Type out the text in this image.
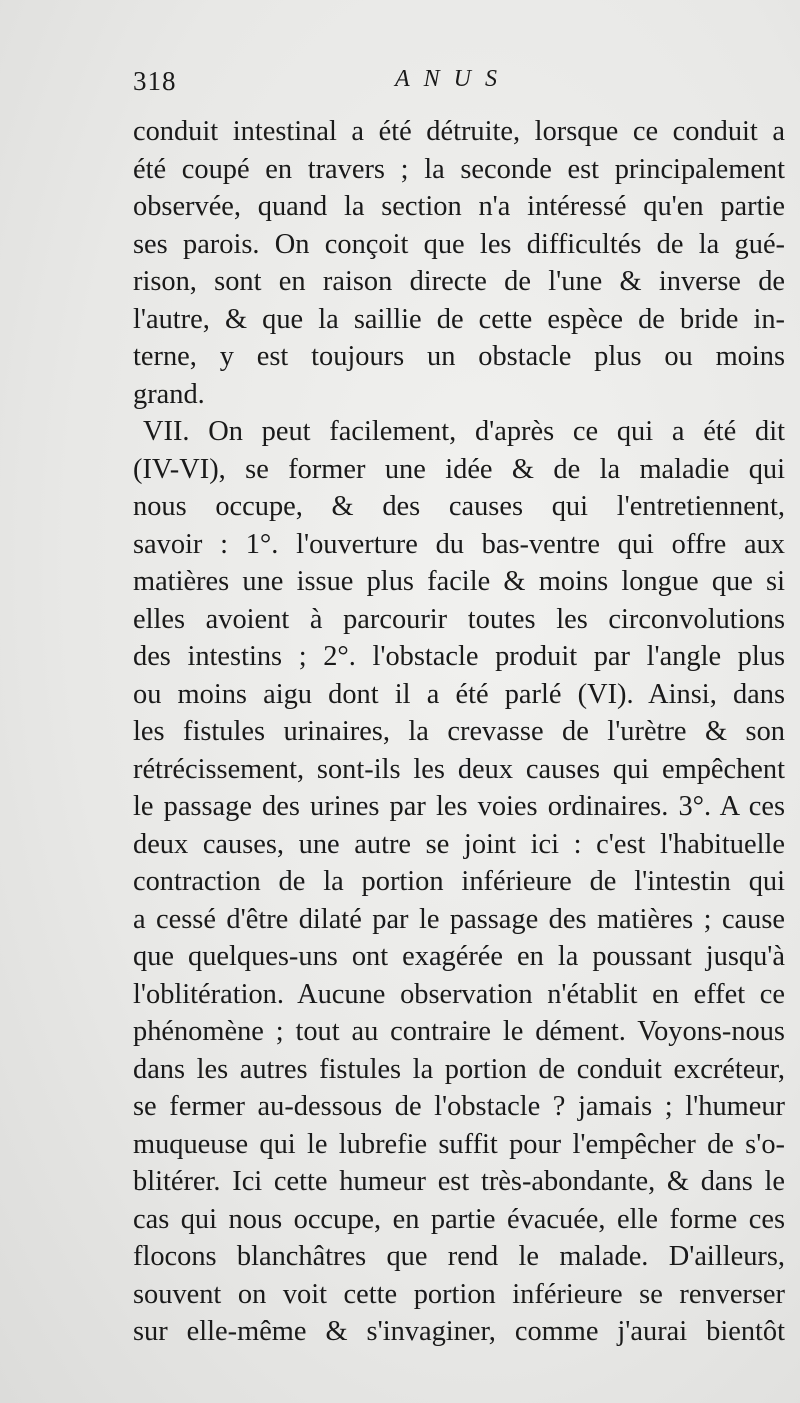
318	ANUS
conduit intestinal a été détruite, lorsque ce conduit a
été coupé en travers ; la seconde est principalement
observée, quand la section n'a intéressé qu'en partie
ses parois. On conçoit que les difficultés de la gué-
rison, sont en raison directe de l'une & inverse de
l'autre, & que la saillie de cette espèce de bride in-
terne, y est toujours un obstacle plus ou moins
grand.
VII. On peut facilement, d'après ce qui a été dit
(IV-VI), se former une idée & de la maladie qui
nous occupe, & des causes qui l'entretiennent,
savoir : 1°. l'ouverture du bas-ventre qui offre aux
matières une issue plus facile & moins longue que si
elles avoient à parcourir toutes les circonvolutions
des intestins ; 2°. l'obstacle produit par l'angle plus
ou moins aigu dont il a été parlé (VI). Ainsi, dans
les fistules urinaires, la crevasse de l'urètre & son
rétrécissement, sont-ils les deux causes qui empêchent
le passage des urines par les voies ordinaires. 3°. A ces
deux causes, une autre se joint ici : c'est l'habituelle
contraction de la portion inférieure de l'intestin qui
a cessé d'être dilaté par le passage des matières ; cause
que quelques-uns ont exagérée en la poussant jusqu'à
l'oblitération. Aucune observation n'établit en effet ce
phénomène ; tout au contraire le dément. Voyons-nous
dans les autres fistules la portion de conduit excréteur,
se fermer au-dessous de l'obstacle ? jamais ; l'humeur
muqueuse qui le lubrefie suffit pour l'empêcher de s'o-
blitérer. Ici cette humeur est très-abondante, & dans le
cas qui nous occupe, en partie évacuée, elle forme ces
flocons blanchâtres que rend le malade. D'ailleurs,
souvent on voit cette portion inférieure se renverser
sur elle-même & s'invaginer, comme j'aurai bientôt
